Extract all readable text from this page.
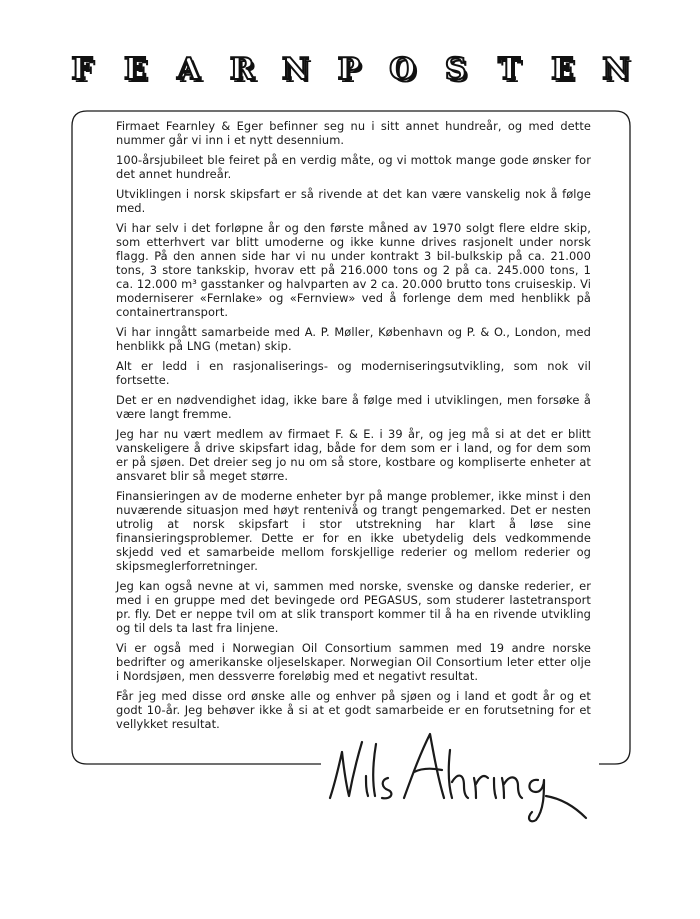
F E A R N P O S T E N

Firmaet Fearnley & Eger befinner seg nu i sitt annet hundreår, og med dette nummer går vi inn i et nytt desennium.

100-årsjubileet ble feiret på en verdig måte, og vi mottok mange gode ønsker for det annet hundreår.

Utviklingen i norsk skipsfart er så rivende at det kan være vanskelig nok å følge med.

Vi har selv i det forløpne år og den første måned av 1970 solgt flere eldre skip, som etterhvert var blitt umoderne og ikke kunne drives rasjonelt under norsk flagg. På den annen side har vi nu under kontrakt 3 bil-bulkskip på ca. 21.000 tons, 3 store tankskip, hvorav ett på 216.000 tons og 2 på ca. 245.000 tons, 1 ca. 12.000 m³ gasstanker og halvparten av 2 ca. 20.000 brutto tons cruiseskip. Vi moderniserer «Fernlake» og «Fernview» ved å forlenge dem med henblikk på containertransport.

Vi har inngått samarbeide med A. P. Møller, København og P. & O., London, med henblikk på LNG (metan) skip.

Alt er ledd i en rasjonaliserings- og moderniseringsutvikling, som nok vil fortsette.

Det er en nødvendighet idag, ikke bare å følge med i utviklingen, men forsøke å være langt fremme.

Jeg har nu vært medlem av firmaet F. & E. i 39 år, og jeg må si at det er blitt vanskeligere å drive skipsfart idag, både for dem som er i land, og for dem som er på sjøen. Det dreier seg jo nu om så store, kostbare og kompliserte enheter at ansvaret blir så meget større.

Finansieringen av de moderne enheter byr på mange problemer, ikke minst i den nuværende situasjon med høyt rentenivå og trangt pengemarked. Det er nesten utrolig at norsk skipsfart i stor utstrekning har klart å løse sine finansieringsproblemer. Dette er for en ikke ubetydelig dels vedkommende skjedd ved et samarbeide mellom forskjellige rederier og mellom rederier og skipsmeglerforretninger.

Jeg kan også nevne at vi, sammen med norske, svenske og danske rederier, er med i en gruppe med det bevingede ord PEGASUS, som studerer lastetransport pr. fly. Det er neppe tvil om at slik transport kommer til å ha en rivende utvikling og til dels ta last fra linjene.

Vi er også med i Norwegian Oil Consortium sammen med 19 andre norske bedrifter og amerikanske oljeselskaper. Norwegian Oil Consortium leter etter olje i Nordsjøen, men dessverre foreløbig med et negativt resultat.

Får jeg med disse ord ønske alle og enhver på sjøen og i land et godt år og et godt 10-år. Jeg behøver ikke å si at et godt samarbeide er en forutsetning for et vellykket resultat.
